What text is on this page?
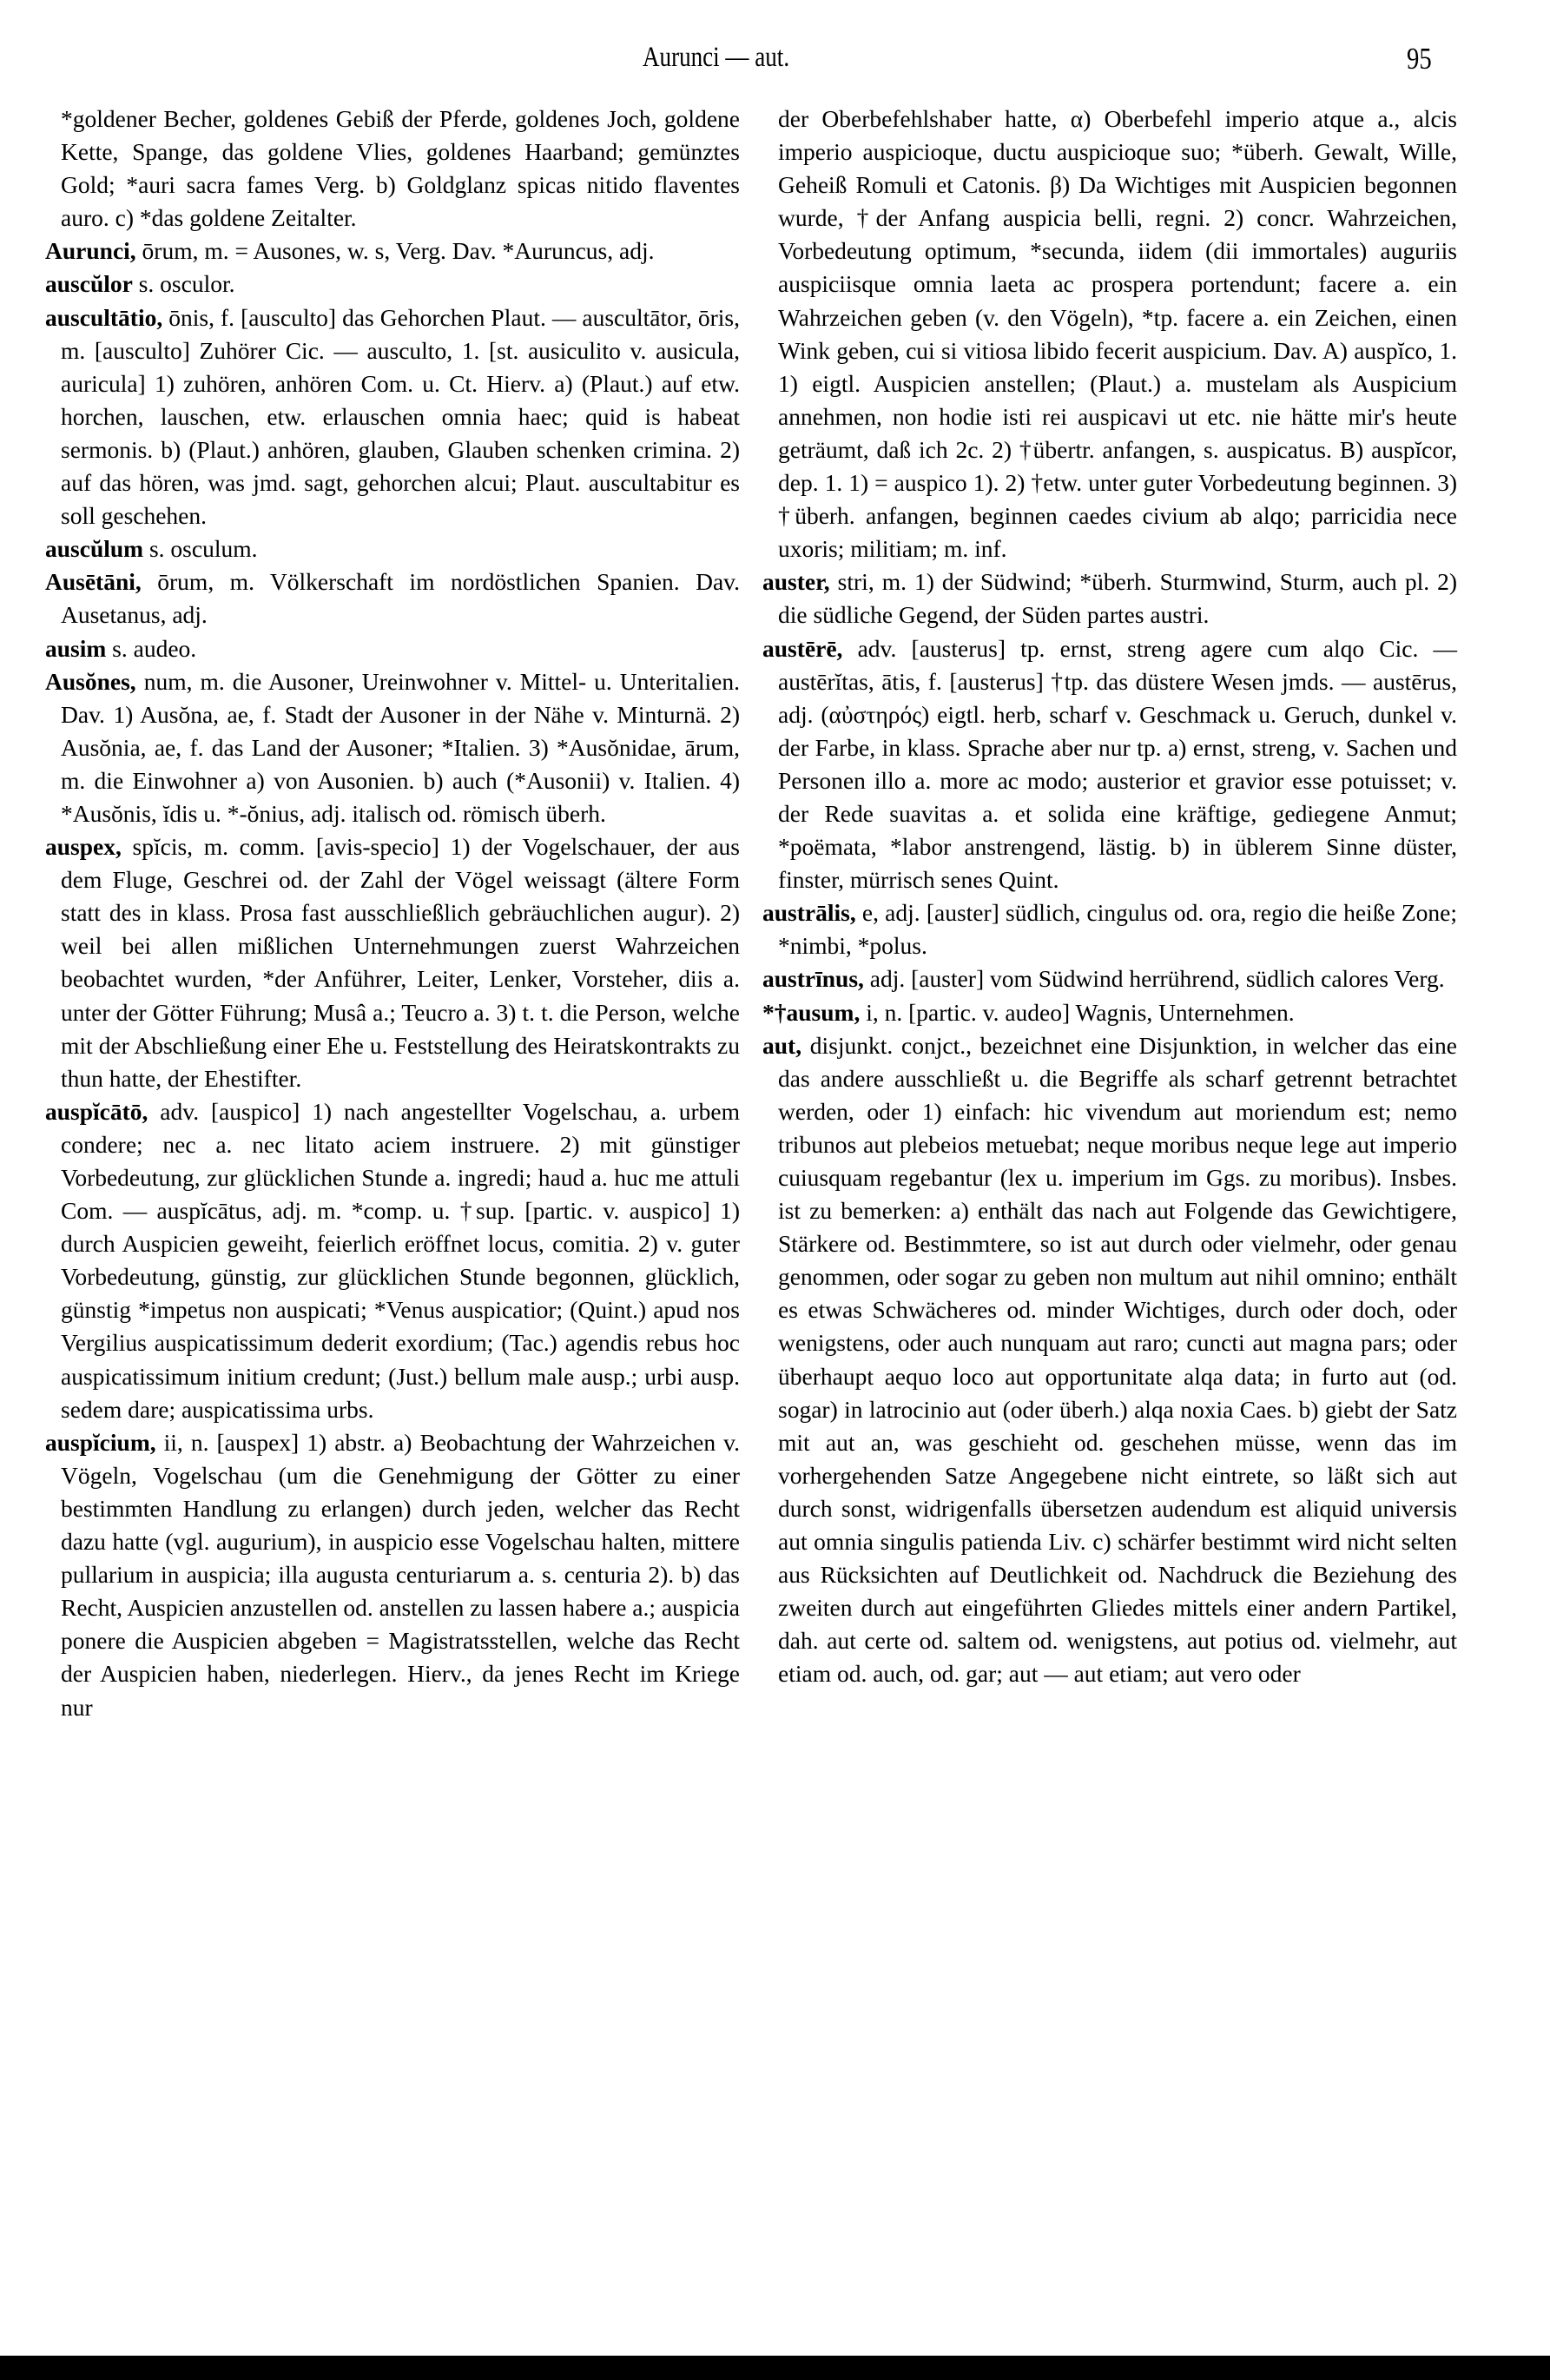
Aurunci — aut.	95

*goldener Becher, goldenes Gebiß der Pferde, goldenes Joch, goldene Kette, Spange, das goldene Vlies, goldenes Haarband; gemünztes Gold; *auri sacra fames Verg. b) Goldglanz spicas nitido flaventes auro. c) *das goldene Zeitalter.

Aurunci, ōrum, m. = Ausones, w. s, Verg. Dav. *Auruncus, adj.

auscŭlor s. osculor.

auscultātio, ōnis, f. [ausculto] das Gehorchen Plaut. — auscultātor, ōris, m. [ausculto] Zuhörer Cic. — ausculto, 1. [st. ausiculito v. ausicula, auricula] 1) zuhören, anhören Com. u. Ct. Hierv. a) (Plaut.) auf etw. horchen, lauschen, etw. erlauschen omnia haec; quid is habeat sermonis. b) (Plaut.) anhören, glauben, Glauben schenken crimina. 2) auf das hören, was jmd. sagt, gehorchen alcui; Plaut. auscultabitur es soll geschehen.

auscŭlum s. osculum.

Ausētāni, ōrum, m. Völkerschaft im nordöstlichen Spanien. Dav. Ausetanus, adj.

ausim s. audeo.

Ausŏnes, num, m. die Ausoner, Ureinwohner v. Mittel- u. Unteritalien. Dav. 1) Ausŏna, ae, f. Stadt der Ausoner in der Nähe v. Minturnä. 2) Ausŏnia, ae, f. das Land der Ausoner; *Italien. 3) *Ausŏnidae, ārum, m. die Einwohner a) von Ausonien. b) auch (*Ausonii) v. Italien. 4) *Ausŏnis, ĭdis u. *-ŏnius, adj. italisch od. römisch überh.

auspex, spĭcis, m. comm. [avis-specio] 1) der Vogelschauer, der aus dem Fluge, Geschrei od. der Zahl der Vögel weissagt (ältere Form statt des in klass. Prosa fast ausschließlich gebräuchlichen augur). 2) weil bei allen mißlichen Unternehmungen zuerst Wahrzeichen beobachtet wurden, *der Anführer, Leiter, Lenker, Vorsteher, diis a. unter der Götter Führung; Musâ a.; Teucro a. 3) t. t. die Person, welche mit der Abschließung einer Ehe u. Feststellung des Heiratskontrakts zu thun hatte, der Ehestifter.

auspĭcātō, adv. [auspico] 1) nach angestellter Vogelschau, a. urbem condere; nec a. nec litato aciem instruere. 2) mit günstiger Vorbedeutung, zur glücklichen Stunde a. ingredi; haud a. huc me attuli Com. — auspĭcātus, adj. m. *comp. u. †sup. [partic. v. auspico] 1) durch Auspicien geweiht, feierlich eröffnet locus, comitia. 2) v. guter Vorbedeutung, günstig, zur glücklichen Stunde begonnen, glücklich, günstig *impetus non auspicati; *Venus auspicatior; (Quint.) apud nos Vergilius auspicatissimum dederit exordium; (Tac.) agendis rebus hoc auspicatissimum initium credunt; (Just.) bellum male ausp.; urbi ausp. sedem dare; auspicatissima urbs.

auspĭcium, ii, n. [auspex] 1) abstr. a) Beobachtung der Wahrzeichen v. Vögeln, Vogelschau (um die Genehmigung der Götter zu einer bestimmten Handlung zu erlangen) durch jeden, welcher das Recht dazu hatte (vgl. augurium), in auspicio esse Vogelschau halten, mittere pullarium in auspicia; illa augusta centuriarum a. s. centuria 2). b) das Recht, Auspicien anzustellen od. anstellen zu lassen habere a.; auspicia ponere die Auspicien abgeben = Magistratsstellen, welche das Recht der Auspicien haben, niederlegen. Hierv., da jenes Recht im Kriege nur

der Oberbefehlshaber hatte, α) Oberbefehl imperio atque a., alcis imperio auspicioque, ductu auspicioque suo; *überh. Gewalt, Wille, Geheiß Romuli et Catonis. β) Da Wichtiges mit Auspicien begonnen wurde, †der Anfang auspicia belli, regni. 2) concr. Wahrzeichen, Vorbedeutung optimum, *secunda, iidem (dii immortales) auguriis auspiciisque omnia laeta ac prospera portendunt; facere a. ein Wahrzeichen geben (v. den Vögeln), *tp. facere a. ein Zeichen, einen Wink geben, cui si vitiosa libido fecerit auspicium. Dav. A) auspĭco, 1. 1) eigtl. Auspicien anstellen; (Plaut.) a. mustelam als Auspicium annehmen, non hodie isti rei auspicavi ut etc. nie hätte mir's heute geträumt, daß ich 2c. 2) †übertr. anfangen, s. auspicatus. B) auspĭcor, dep. 1. 1) = auspico 1). 2) †etw. unter guter Vorbedeutung beginnen. 3) †überh. anfangen, beginnen caedes civium ab alqo; parricidia nece uxoris; militiam; m. inf.

auster, stri, m. 1) der Südwind; *überh. Sturmwind, Sturm, auch pl. 2) die südliche Gegend, der Süden partes austri.

austērē, adv. [austerus] tp. ernst, streng agere cum alqo Cic. — austērĭtas, ātis, f. [austerus] †tp. das düstere Wesen jmds. — austērus, adj. (αὐστηρός) eigtl. herb, scharf v. Geschmack u. Geruch, dunkel v. der Farbe, in klass. Sprache aber nur tp. a) ernst, streng, v. Sachen und Personen illo a. more ac modo; austerior et gravior esse potuisset; v. der Rede suavitas a. et solida eine kräftige, gediegene Anmut; *poëmata, *labor anstrengend, lästig. b) in üblerem Sinne düster, finster, mürrisch senes Quint.

austrālis, e, adj. [auster] südlich, cingulus od. ora, regio die heiße Zone; *nimbi, *polus.

austrīnus, adj. [auster] vom Südwind herrührend, südlich calores Verg.

*†ausum, i, n. [partic. v. audeo] Wagnis, Unternehmen.

aut, disjunkt. conjct., bezeichnet eine Disjunktion, in welcher das eine das andere ausschließt u. die Begriffe als scharf getrennt betrachtet werden, oder 1) einfach: hic vivendum aut moriendum est; nemo tribunos aut plebeios metuebat; neque moribus neque lege aut imperio cuiusquam regebantur (lex u. imperium im Ggs. zu moribus). Insbes. ist zu bemerken: a) enthält das nach aut Folgende das Gewichtigere, Stärkere od. Bestimmtere, so ist aut durch oder vielmehr, oder genau genommen, oder sogar zu geben non multum aut nihil omnino; enthält es etwas Schwächeres od. minder Wichtiges, durch oder doch, oder wenigstens, oder auch nunquam aut raro; cuncti aut magna pars; oder überhaupt aequo loco aut opportunitate alqa data; in furto aut (od. sogar) in latrocinio aut (oder überh.) alqa noxia Caes. b) giebt der Satz mit aut an, was geschieht od. geschehen müsse, wenn das im vorhergehenden Satze Angegebene nicht eintrete, so läßt sich aut durch sonst, widrigenfalls übersetzen audendum est aliquid universis aut omnia singulis patienda Liv. c) schärfer bestimmt wird nicht selten aus Rücksichten auf Deutlichkeit od. Nachdruck die Beziehung des zweiten durch aut eingeführten Gliedes mittels einer andern Partikel, dah. aut certe od. saltem od. wenigstens, aut potius od. vielmehr, aut etiam od. auch, od. gar; aut — aut etiam; aut vero oder
